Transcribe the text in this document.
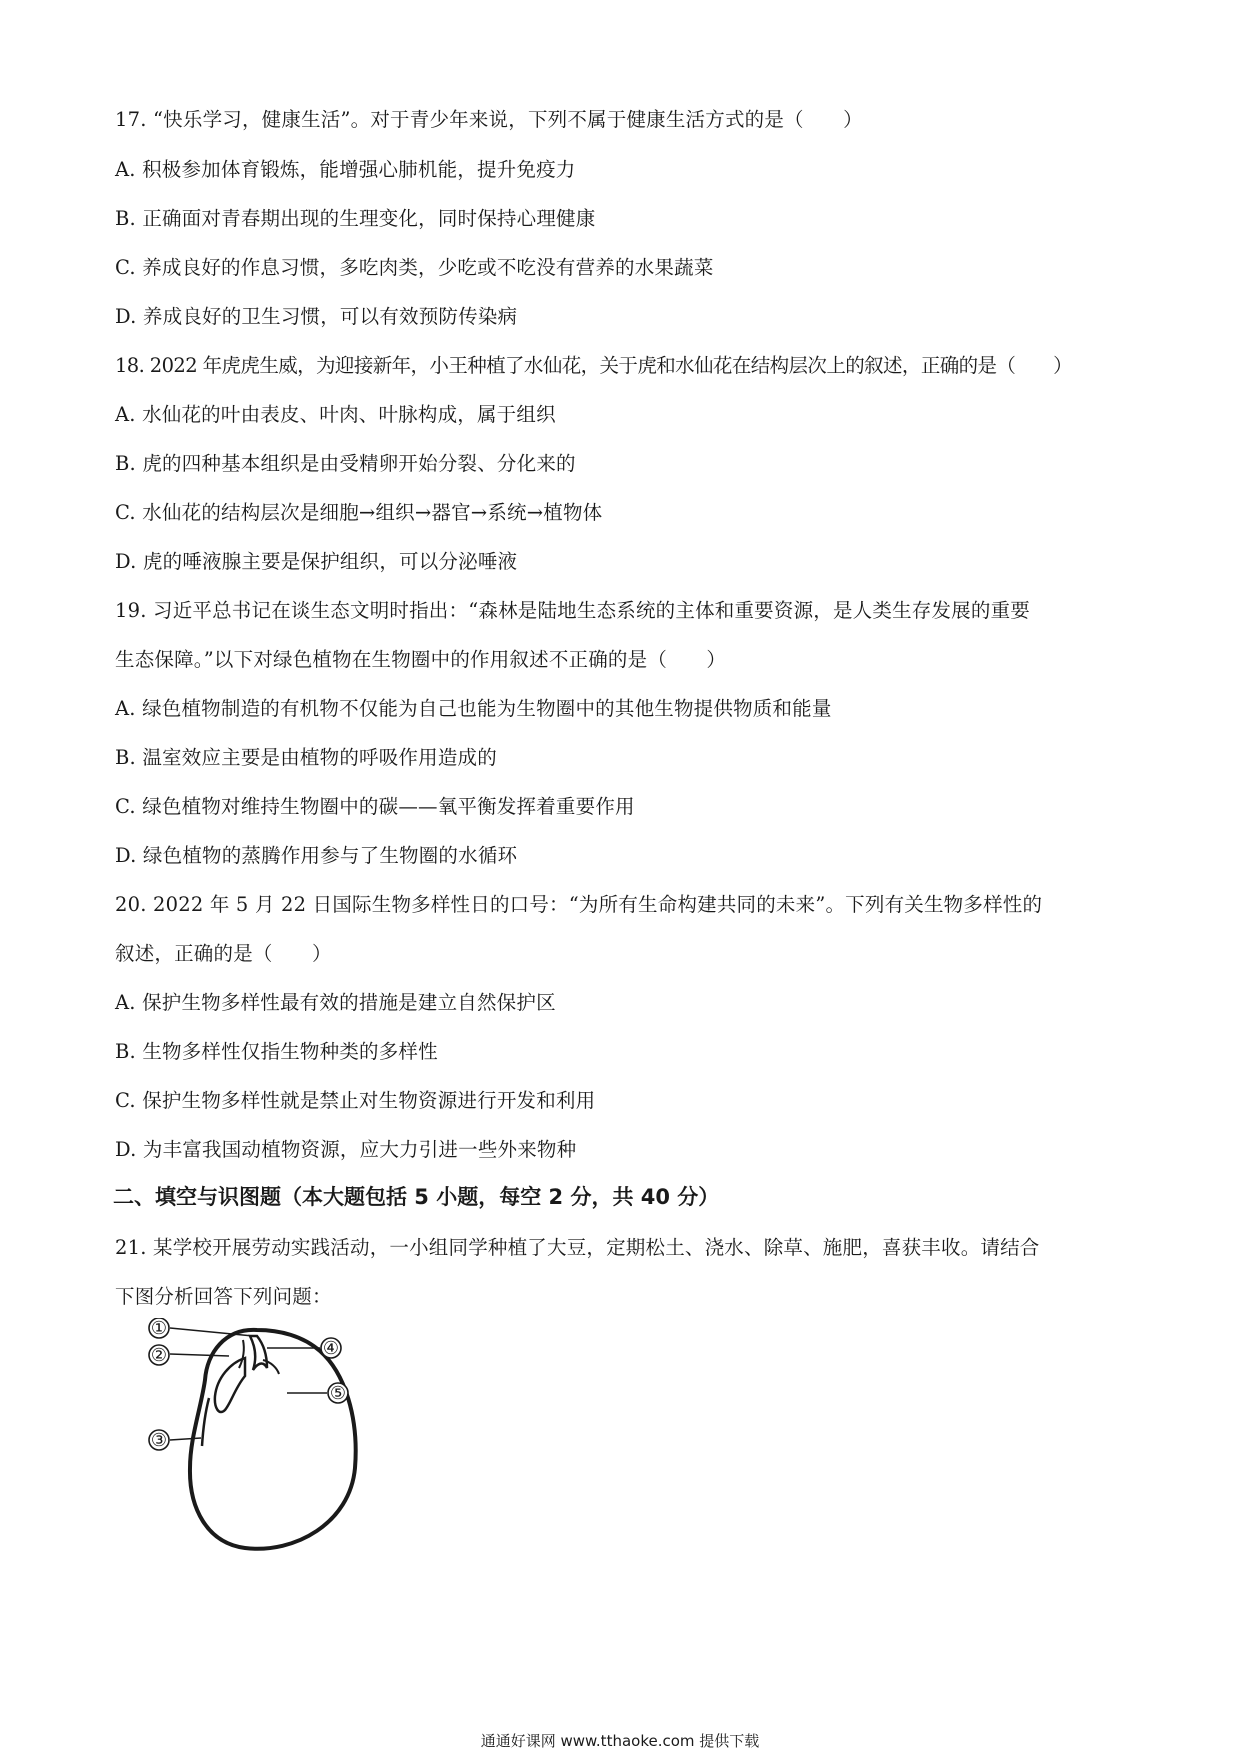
17. “快乐学习，健康生活”。对于青少年来说，下列不属于健康生活方式的是（　　）
A. 积极参加体育锻炼，能增强心肺机能，提升免疫力
B. 正确面对青春期出现的生理变化，同时保持心理健康
C. 养成良好的作息习惯，多吃肉类，少吃或不吃没有营养的水果蔬菜
D. 养成良好的卫生习惯，可以有效预防传染病
18. 2022 年虎虎生威，为迎接新年，小王种植了水仙花，关于虎和水仙花在结构层次上的叙述，正确的是（　　）
A. 水仙花的叶由表皮、叶肉、叶脉构成，属于组织
B. 虎的四种基本组织是由受精卵开始分裂、分化来的
C. 水仙花的结构层次是细胞→组织→器官→系统→植物体
D. 虎的唾液腺主要是保护组织，可以分泌唾液
19. 习近平总书记在谈生态文明时指出：“森林是陆地生态系统的主体和重要资源，是人类生存发展的重要
生态保障。”以下对绿色植物在生物圈中的作用叙述不正确的是（　　）
A. 绿色植物制造的有机物不仅能为自己也能为生物圈中的其他生物提供物质和能量
B. 温室效应主要是由植物的呼吸作用造成的
C. 绿色植物对维持生物圈中的碳——氧平衡发挥着重要作用
D. 绿色植物的蒸腾作用参与了生物圈的水循环
20. 2022 年 5 月 22 日国际生物多样性日的口号：“为所有生命构建共同的未来”。下列有关生物多样性的
叙述，正确的是（　　）
A. 保护生物多样性最有效的措施是建立自然保护区
B. 生物多样性仅指生物种类的多样性
C. 保护生物多样性就是禁止对生物资源进行开发和利用
D. 为丰富我国动植物资源，应大力引进一些外来物种
二、填空与识图题（本大题包括 5 小题，每空 2 分，共 40 分）
21. 某学校开展劳动实践活动，一小组同学种植了大豆，定期松土、浇水、除草、施肥，喜获丰收。请结合
下图分析回答下列问题：
①
②
③
④
⑤
通通好课网 www.tthaoke.com 提供下载
